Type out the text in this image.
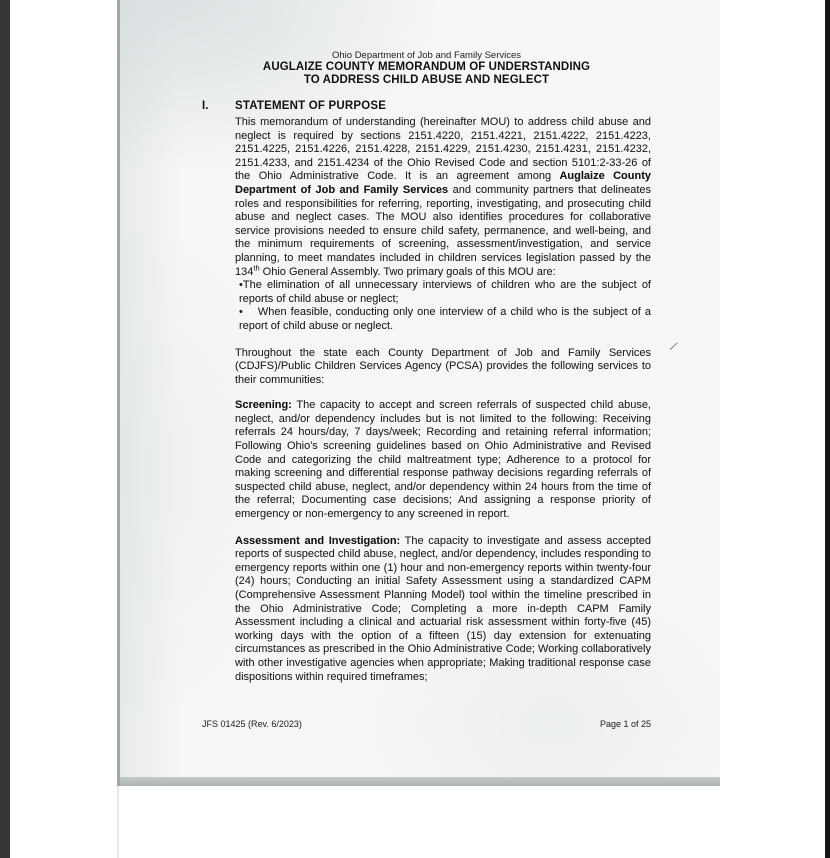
Ohio Department of Job and Family Services
AUGLAIZE COUNTY MEMORANDUM OF UNDERSTANDING
TO ADDRESS CHILD ABUSE AND NEGLECT
I. STATEMENT OF PURPOSE

This memorandum of understanding (hereinafter MOU) to address child abuse and neglect is required by sections 2151.4220, 2151.4221, 2151.4222, 2151.4223, 2151.4225, 2151.4226, 2151.4228, 2151.4229, 2151.4230, 2151.4231, 2151.4232, 2151.4233, and 2151.4234 of the Ohio Revised Code and section 5101:2-33-26 of the Ohio Administrative Code. It is an agreement among Auglaize County Department of Job and Family Services and community partners that delineates roles and responsibilities for referring, reporting, investigating, and prosecuting child abuse and neglect cases. The MOU also identifies procedures for collaborative service provisions needed to ensure child safety, permanence, and well-being, and the minimum requirements of screening, assessment/investigation, and service planning, to meet mandates included in children services legislation passed by the 134th Ohio General Assembly. Two primary goals of this MOU are:

•The elimination of all unnecessary interviews of children who are the subject of reports of child abuse or neglect;

• When feasible, conducting only one interview of a child who is the subject of a report of child abuse or neglect.

Throughout the state each County Department of Job and Family Services (CDJFS)/Public Children Services Agency (PCSA) provides the following services to their communities:

Screening: The capacity to accept and screen referrals of suspected child abuse, neglect, and/or dependency includes but is not limited to the following: Receiving referrals 24 hours/day, 7 days/week; Recording and retaining referral information; Following Ohio's screening guidelines based on Ohio Administrative and Revised Code and categorizing the child maltreatment type; Adherence to a protocol for making screening and differential response pathway decisions regarding referrals of suspected child abuse, neglect, and/or dependency within 24 hours from the time of the referral; Documenting case decisions; And assigning a response priority of emergency or non-emergency to any screened in report.

Assessment and Investigation: The capacity to investigate and assess accepted reports of suspected child abuse, neglect, and/or dependency, includes responding to emergency reports within one (1) hour and non-emergency reports within twenty-four (24) hours; Conducting an initial Safety Assessment using a standardized CAPM (Comprehensive Assessment Planning Model) tool within the timeline prescribed in the Ohio Administrative Code; Completing a more in-depth CAPM Family Assessment including a clinical and actuarial risk assessment within forty-five (45) working days with the option of a fifteen (15) day extension for extenuating circumstances as prescribed in the Ohio Administrative Code; Working collaboratively with other investigative agencies when appropriate; Making traditional response case dispositions within required timeframes;

⁄
JFS 01425 (Rev. 6/2023)	Page 1 of 25
